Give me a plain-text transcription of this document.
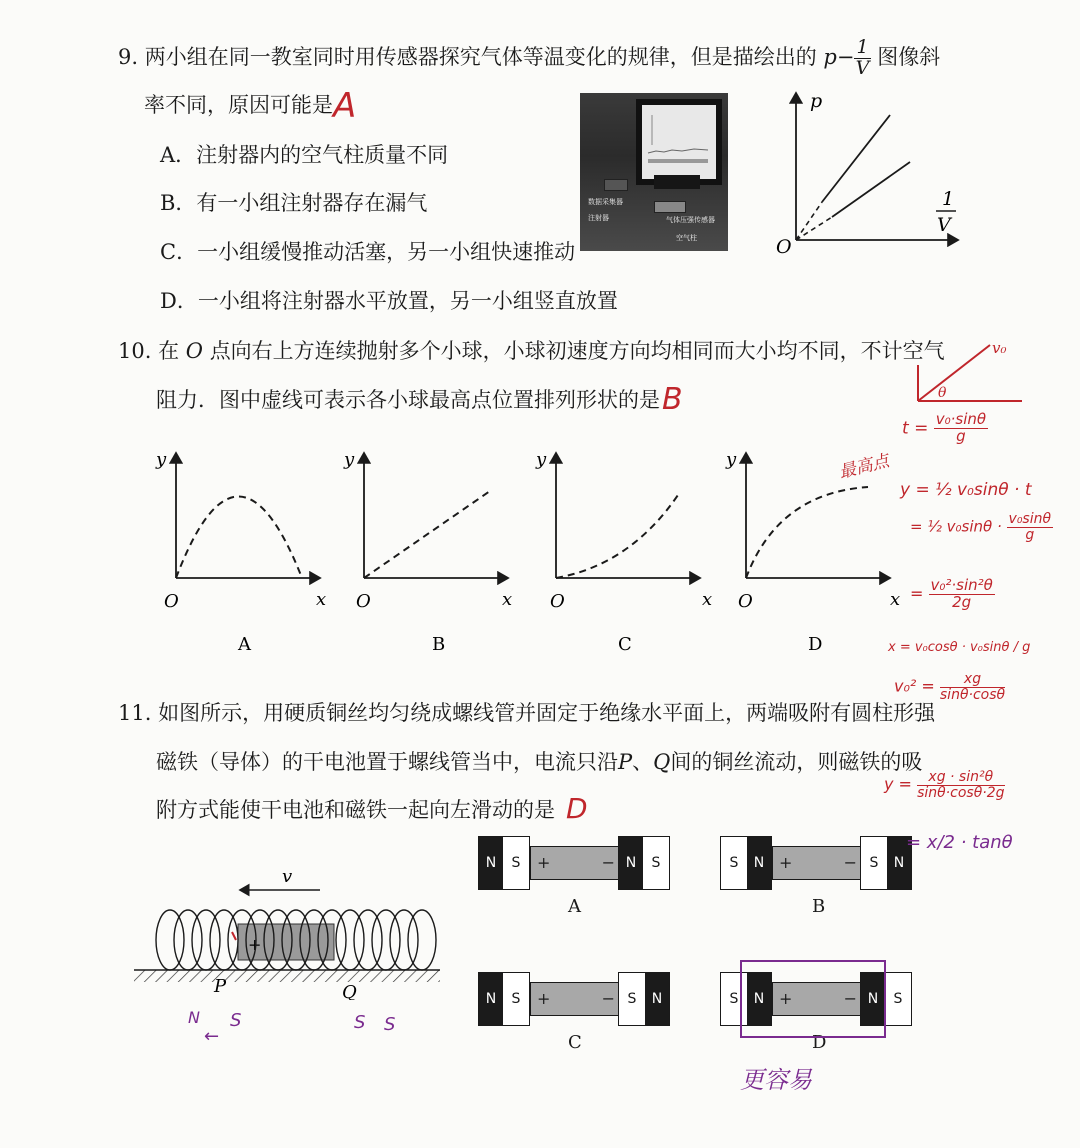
9. 两小组在同一教室同时用传感器探究气体等温变化的规律，但是描绘出的 $p- \frac{1}{V}$ 图像斜
率不同，原因可能是 A
A．注射器内的空气柱质量不同
B．有一小组注射器存在漏气
C．一小组缓慢推动活塞，另一小组快速推动
D．一小组将注射器水平放置，另一小组竖直放置
数据采集器
注射器	气体压强传感器
空气柱
p
O
1
V
10. 在 O 点向右上方连续抛射多个小球，小球初速度方向均相同而大小均不同，不计空气
阻力．图中虚线可表示各小球最高点位置排列形状的是 B
y
O	x
A
y
O	x
B
y
O	x
C
y
O	x
D
11. 如图所示，用硬质铜丝均匀绕成螺线管并固定于绝缘水平面上，两端吸附有圆柱形强
磁铁（导体）的干电池置于螺线管当中，电流只沿P、Q间的铜丝流动，则磁铁的吸
附方式能使干电池和磁铁一起向左滑动的是 D
v
+
P	Q
N S
←
S S
N	S	+	− N	S
A
S	N +	− S	N
B
N	S	+	− S	N
C
S	N +	− N	S
D
更容易
v₀
θ
$t = \frac{\text{v₀·sinθ}}{g}$
最高点
y = ½ v₀sinθ · t
= ½ $v_0\sin\theta \cdot \frac{\text{v₀sinθ}}{g}$
= $\frac{\text{v₀²·sin²θ}}{2g}$
x = v₀cosθ · v₀sinθ / g
$v_0^2 = \frac{xg}{\sin\theta\cdot\cos\theta}$
$y = \frac{\text{xg · sin²θ}}{\sin\theta\cdot\cos\theta\cdot 2g}$
= x/2 · tanθ
